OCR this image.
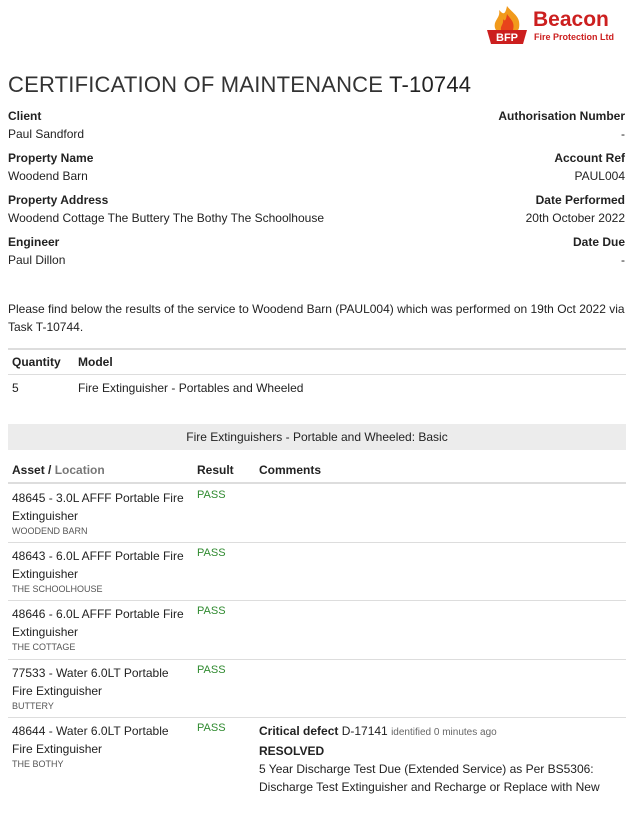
BFP
Beacon
Fire Protection Ltd
CERTIFICATION OF MAINTENANCE T-10744
Client
Paul Sandford
Authorisation Number
-
Property Name
Woodend Barn
Account Ref
PAUL004
Property Address
Woodend Cottage The Buttery The Bothy The Schoolhouse
Date Performed
20th October 2022
Engineer
Paul Dillon
Date Due
-
Please find below the results of the service to Woodend Barn (PAUL004) which was performed on 19th Oct 2022 via Task T-10744.
Quantity	Model
5	Fire Extinguisher - Portables and Wheeled
Fire Extinguishers - Portable and Wheeled: Basic
Asset / Location	Result Comments
48645 - 3.0L AFFF Portable Fire Extinguisher
WOODEND BARN
PASS
48643 - 6.0L AFFF Portable Fire Extinguisher
THE SCHOOLHOUSE
PASS
48646 - 6.0L AFFF Portable Fire Extinguisher
THE COTTAGE
PASS
77533 - Water 6.0LT Portable Fire Extinguisher
BUTTERY
PASS
48644 - Water 6.0LT Portable Fire Extinguisher
THE BOTHY
PASS	Critical defect D-17141 identified 0 minutes ago
RESOLVED
5 Year Discharge Test Due (Extended Service) as Per BS5306: Discharge Test Extinguisher and Recharge or Replace with New
